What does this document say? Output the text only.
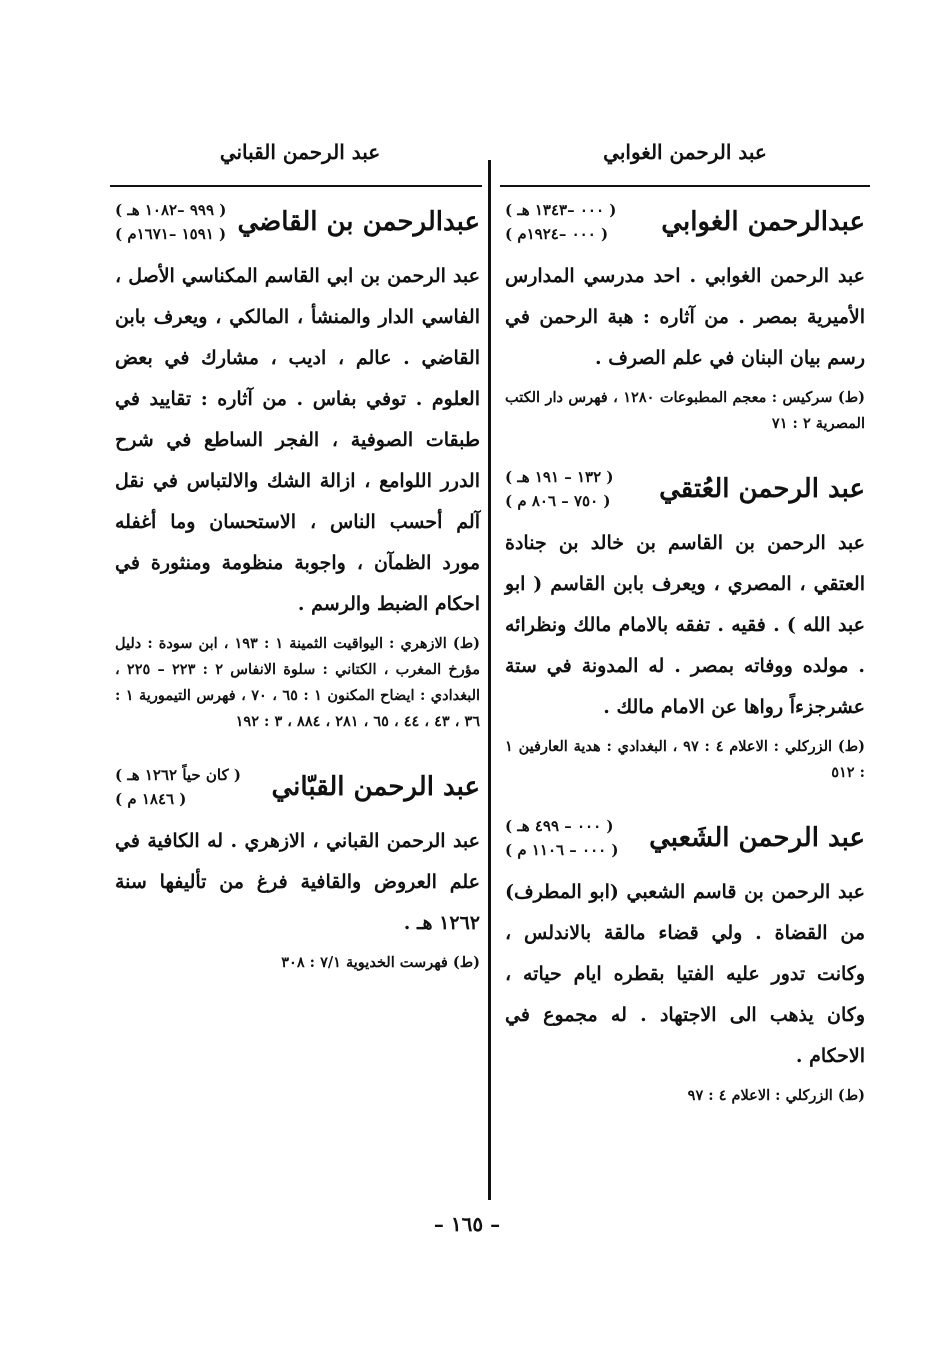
عبد الرحمن الغوابي
عبد الرحمن القباني
عبدالرحمن الغوابي
( ٠٠٠ –١٣٤٣ هـ )
( ٠٠٠ –١٩٢٤م )

عبد الرحمن الغوابي . احد مدرسي المدارس الأميرية بمصر . من آثاره : هبة الرحمن في رسم بيان البنان في علم الصرف .

(ط) سركيس : معجم المطبوعات ١٢٨٠ ، فهرس دار الكتب المصرية ٢ : ٧١

عبد الرحمن العُتقي
( ١٣٢ – ١٩١ هـ )
( ٧٥٠ – ٨٠٦ م )

عبد الرحمن بن القاسم بن خالد بن جنادة العتقي ، المصري ، ويعرف بابن القاسم ( ابو عبد الله ) . فقيه . تفقه بالامام مالك ونظرائه . مولده ووفاته بمصر . له المدونة في ستة عشرجزءاً رواها عن الامام مالك .

(ط) الزركلي : الاعلام ٤ : ٩٧ ، البغدادي : هدية العارفين ١ : ٥١٢

عبد الرحمن الشَعبي
( ٠٠٠ – ٤٩٩ هـ )
( ٠٠٠ – ١١٠٦ م )

عبد الرحمن بن قاسم الشعبي (ابو المطرف) من القضاة . ولي قضاء مالقة بالاندلس ، وكانت تدور عليه الفتيا بقطره ايام حياته ، وكان يذهب الى الاجتهاد . له مجموع في الاحكام .

(ط) الزركلي : الاعلام ٤ : ٩٧

عبدالرحمن بن القاضي
( ٩٩٩ –١٠٨٢ هـ )
( ١٥٩١ –١٦٧١م )

عبد الرحمن بن ابي القاسم المكناسي الأصل ، الفاسي الدار والمنشأ ، المالكي ، ويعرف بابن القاضي . عالم ، اديب ، مشارك في بعض العلوم . توفي بفاس . من آثاره : تقاييد في طبقات الصوفية ، الفجر الساطع في شرح الدرر اللوامع ، ازالة الشك والالتباس في نقل آلم أحسب الناس ، الاستحسان وما أغفله مورد الظمآن ، واجوبة منظومة ومنثورة في احكام الضبط والرسم .

(ط) الازهري : اليواقيت الثمينة ١ : ١٩٣ ، ابن سودة : دليل مؤرخ المغرب ، الكتاني : سلوة الانفاس ٢ : ٢٢٣ – ٢٢٥ ، البغدادي : ايضاح المكنون ١ : ٦٥ ، ٧٠ ، فهرس التيمورية ١ : ٣٦ ، ٤٣ ، ٤٤ ، ٦٥ ، ٢٨١ ، ٨٨٤ ، ٣ : ١٩٢

عبد الرحمن القبّاني
( كان حياً ١٢٦٢ هـ )
( ١٨٤٦ م )

عبد الرحمن القباني ، الازهري . له الكافية في علم العروض والقافية فرغ من تأليفها سنة ١٢٦٢ هـ .

(ط) فهرست الخديوية ٧/١ : ٣٠٨

– ١٦٥ –
